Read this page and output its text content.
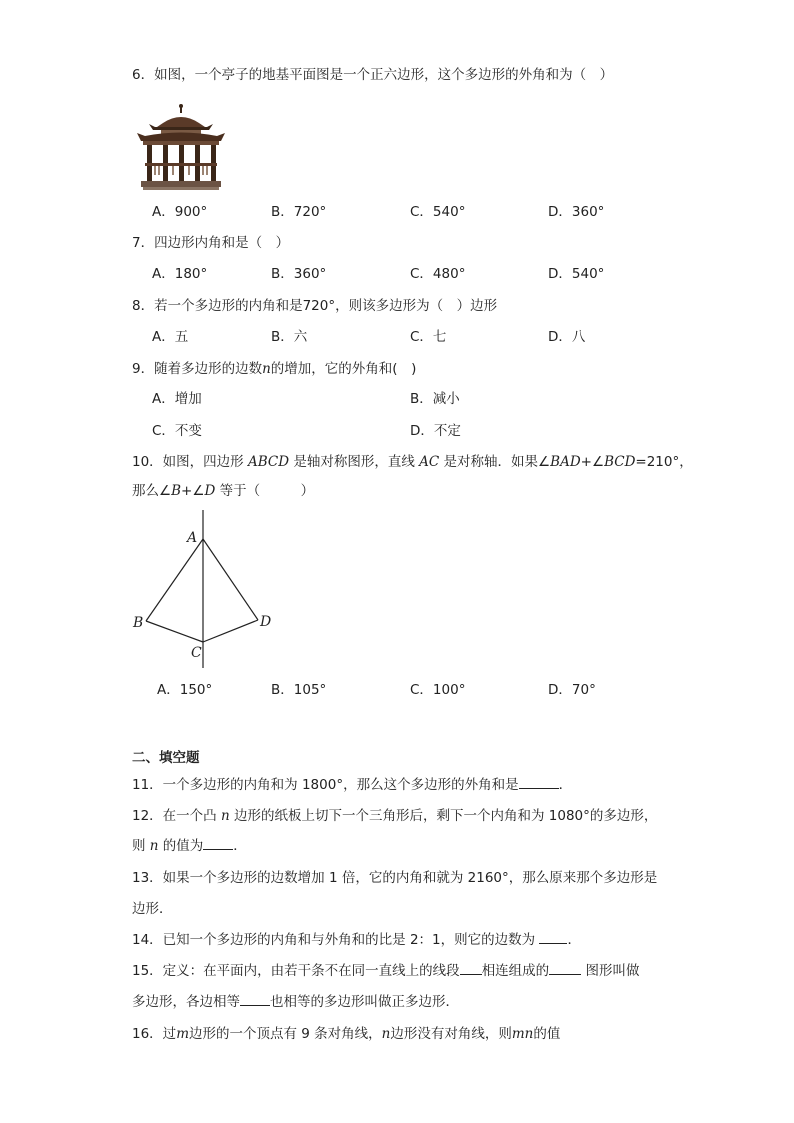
6．如图，一个亭子的地基平面图是一个正六边形，这个多边形的外角和为（　）
A．900°	B．720°	C．540°	D．360°
7．四边形内角和是（　）
A．180°	B．360°	C．480°	D．540°
8．若一个多边形的内角和是720°，则该多边形为（　）边形
A．五	B．六	C．七	D．八
9．随着多边形的边数n的增加，它的外角和(　)
A．增加	B．减小
C．不变	D．不定
10．如图，四边形 ABCD 是轴对称图形，直线 AC 是对称轴．如果∠BAD+∠BCD=210°，
那么∠B+∠D 等于（　　　）
A
B
C
D
A．150°	B．105°	C．100°	D．70°
二、填空题
11．一个多边形的内角和为 1800°，那么这个多边形的外角和是	．
12．在一个凸 n 边形的纸板上切下一个三角形后，剩下一个内角和为 1080°的多边形，
则 n 的值为 ．
13．如果一个多边形的边数增加 1 倍，它的内角和就为 2160°，那么原来那个多边形是
边形．
14．已知一个多边形的内角和与外角和的比是 2：1，则它的边数为 ．
15．定义：在平面内，由若干条不在同一直线上的线段 相连组成的 图形叫做
多边形，各边相等 也相等的多边形叫做正多边形．
16．过m边形的一个顶点有 9 条对角线，n边形没有对角线，则mn的值
